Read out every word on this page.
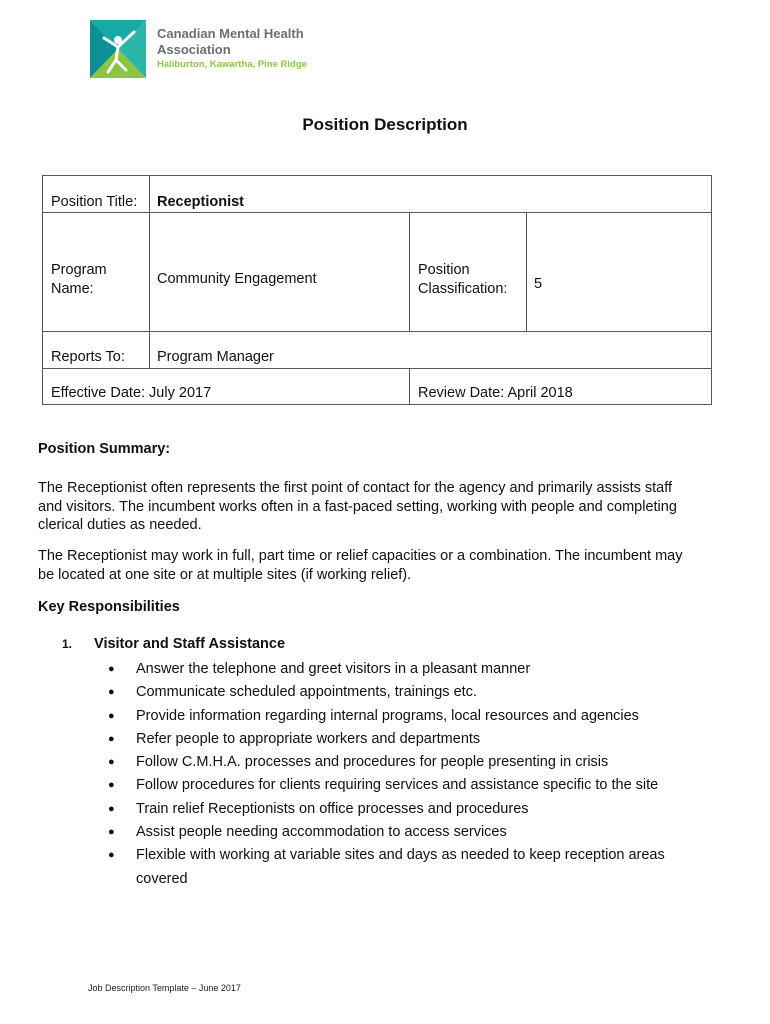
Canadian Mental Health Association
Haliburton, Kawartha, Pine Ridge
Position Description
Position Title: Receptionist
Program Name:
Community Engagement
Position Classification:	5
Reports To: Program Manager
Effective Date: July 2017	Review Date: April 2018
Position Summary:
The Receptionist often represents the first point of contact for the agency and primarily assists staff and visitors. The incumbent works often in a fast-paced setting, working with people and completing clerical duties as needed.
The Receptionist may work in full, part time or relief capacities or a combination. The incumbent may be located at one site or at multiple sites (if working relief).
Key Responsibilities
1. Visitor and Staff Assistance
● Answer the telephone and greet visitors in a pleasant manner
● Communicate scheduled appointments, trainings etc.
● Provide information regarding internal programs, local resources and agencies
● Refer people to appropriate workers and departments
● Follow C.M.H.A. processes and procedures for people presenting in crisis
● Follow procedures for clients requiring services and assistance specific to the site
● Train relief Receptionists on office processes and procedures
● Assist people needing accommodation to access services
● Flexible with working at variable sites and days as needed to keep reception areas covered
Job Description Template – June 2017
